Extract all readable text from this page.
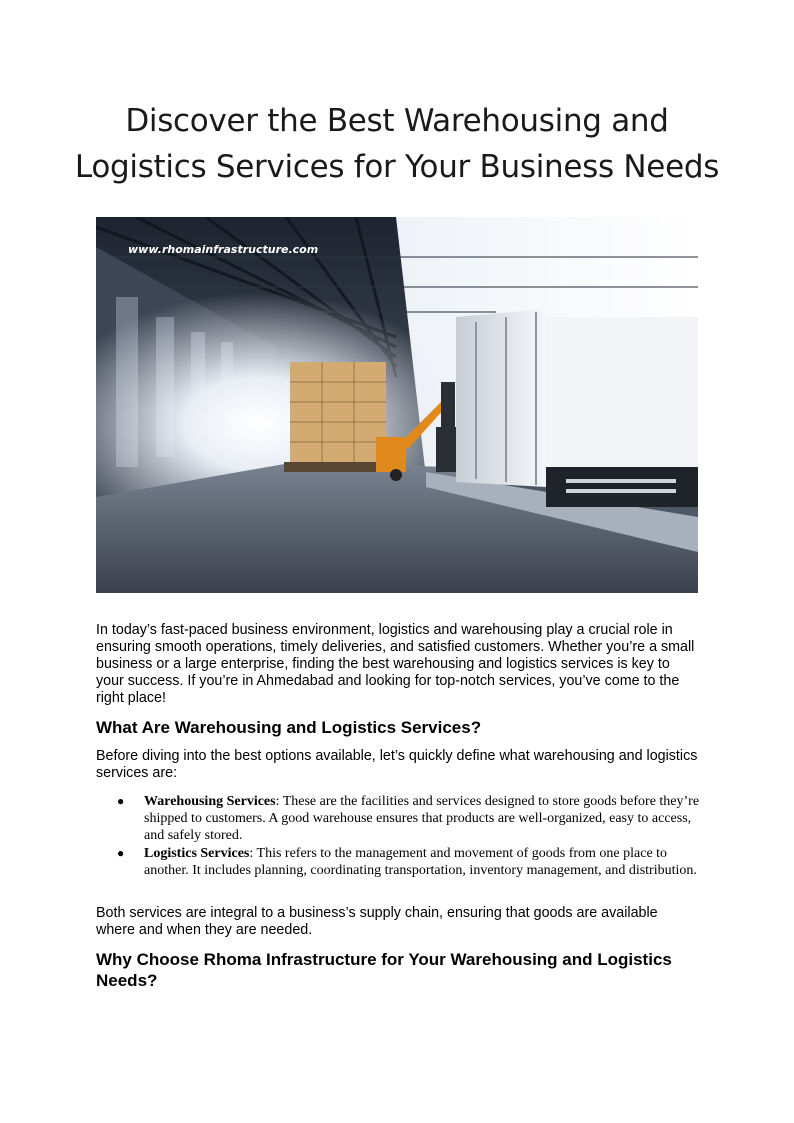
Discover the Best Warehousing and Logistics Services for Your Business Needs
www.rhomainfrastructure.com

In today’s fast-paced business environment, logistics and warehousing play a crucial role in ensuring smooth operations, timely deliveries, and satisfied customers. Whether you’re a small business or a large enterprise, finding the best warehousing and logistics services is key to your success. If you’re in Ahmedabad and looking for top-notch services, you’ve come to the right place!

What Are Warehousing and Logistics Services?

Before diving into the best options available, let’s quickly define what warehousing and logistics services are:

● Warehousing Services: These are the facilities and services designed to store goods before they’re shipped to customers. A good warehouse ensures that products are well-organized, easy to access, and safely stored.
● Logistics Services: This refers to the management and movement of goods from one place to another. It includes planning, coordinating transportation, inventory management, and distribution.

Both services are integral to a business’s supply chain, ensuring that goods are available where and when they are needed.

Why Choose Rhoma Infrastructure for Your Warehousing and Logistics Needs?
